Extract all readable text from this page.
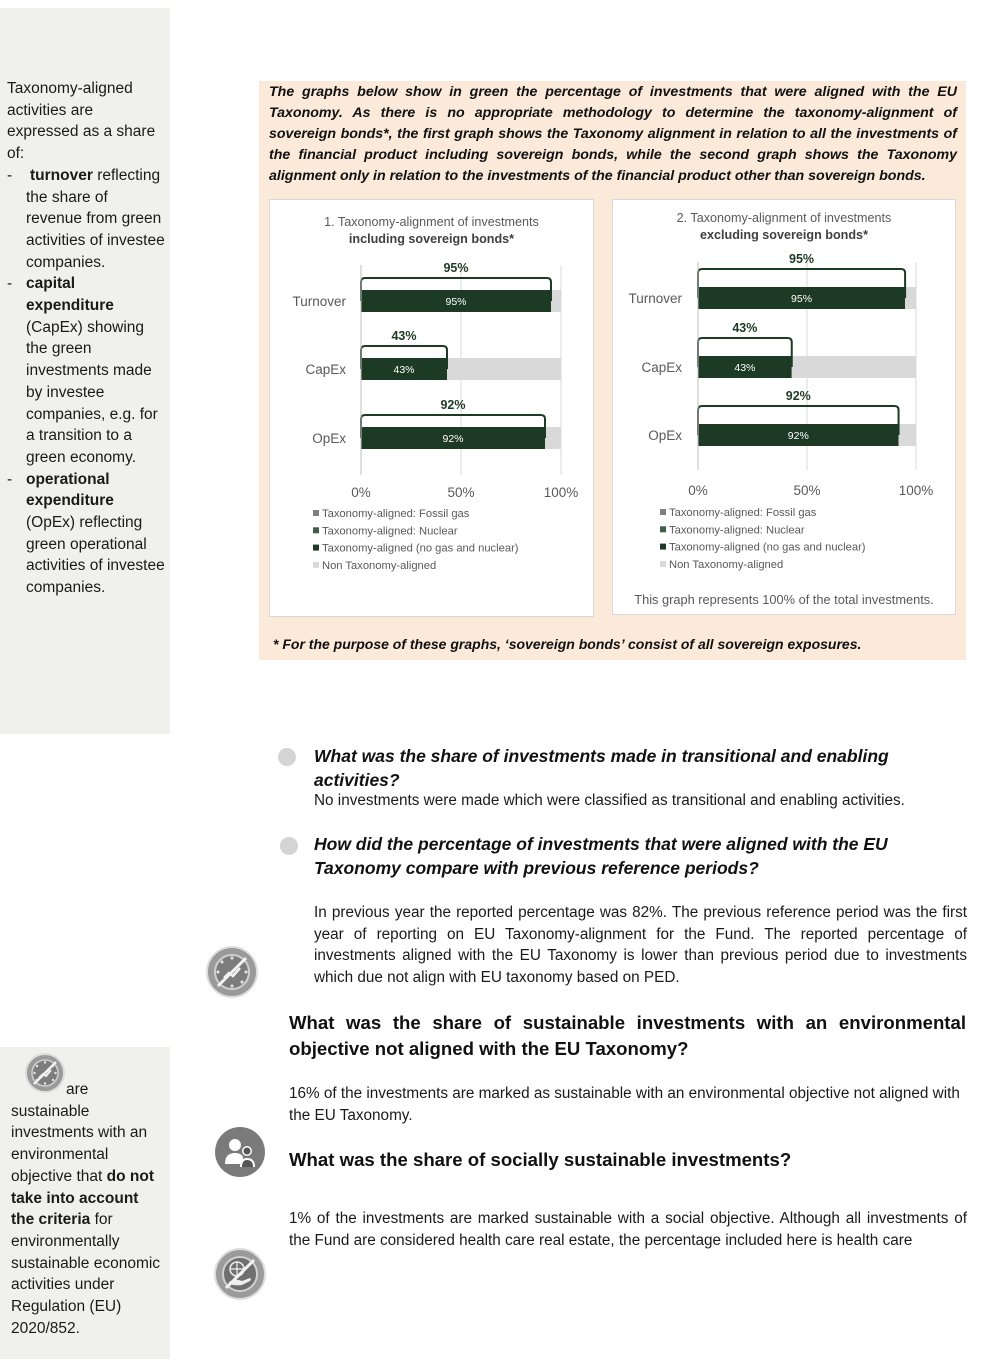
Taxonomy-aligned activities are expressed as a share of:
- turnover reflecting the share of revenue from green activities of investee companies.
- capital expenditure (CapEx) showing the green investments made by investee companies, e.g. for a transition to a green economy.
- operational expenditure (OpEx) reflecting green operational activities of investee companies.
are sustainable investments with an environmental objective that do not take into account the criteria for environmentally sustainable economic activities under Regulation (EU) 2020/852.
The graphs below show in green the percentage of investments that were aligned with the EU Taxonomy. As there is no appropriate methodology to determine the taxonomy-alignment of sovereign bonds*, the first graph shows the Taxonomy alignment in relation to all the investments of the financial product including sovereign bonds, while the second graph shows the Taxonomy alignment only in relation to the investments of the financial product other than sovereign bonds.
1. Taxonomy-alignment of investments
including sovereign bonds*
95%
95%
Turnover
43%
43%
CapEx
92%
92%
OpEx
0%	50%	100%
Taxonomy-aligned: Fossil gas
Taxonomy-aligned: Nuclear
Taxonomy-aligned (no gas and nuclear)
Non Taxonomy-aligned
2. Taxonomy-alignment of investments
excluding sovereign bonds*
95%
95%
Turnover
43%
43%
CapEx
92%
92%
OpEx
0%	50%	100%
Taxonomy-aligned: Fossil gas
Taxonomy-aligned: Nuclear
Taxonomy-aligned (no gas and nuclear)
Non Taxonomy-aligned
This graph represents 100% of the total investments.
* For the purpose of these graphs, ‘sovereign bonds’ consist of all sovereign exposures.
What was the share of investments made in transitional and enabling activities?
No investments were made which were classified as transitional and enabling activities.
How did the percentage of investments that were aligned with the EU Taxonomy compare with previous reference periods?
In previous year the reported percentage was 82%. The previous reference period was the first year of reporting on EU Taxonomy-alignment for the Fund. The reported percentage of investments aligned with the EU Taxonomy is lower than previous period due to investments which due not align with EU taxonomy based on PED.
What was the share of sustainable investments with an environmental objective not aligned with the EU Taxonomy?
16% of the investments are marked as sustainable with an environmental objective not aligned with the EU Taxonomy.
What was the share of socially sustainable investments?
1% of the investments are marked sustainable with a social objective. Although all investments of the Fund are considered health care real estate, the percentage included here is health care
